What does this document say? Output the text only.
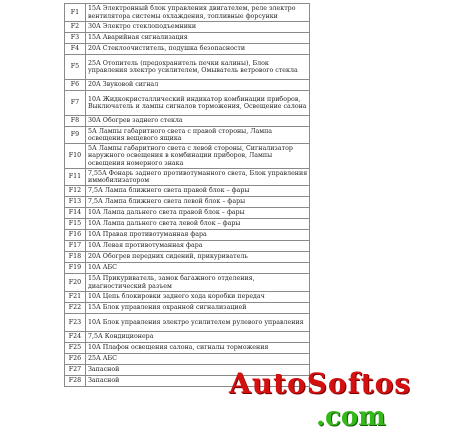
F1	15А Электронный блок управления двигателем, реле электро вентилятора системы охлаждения, топливные форсунки
F2	30А Электро стеклоподъемники
F3	15А Аварийная сигнализация
F4	20А Стеклоочиститель, подушка безопасности
F5	25А Отопитель (предохранитель печки калины), Блок управления электро усилителем, Омыватель ветрового стекла
F6	20А Звуковой сигнал
F7	10А Жидкокристаллический индикатор комбинации приборов, Выключатель и лампы сигналов торможения, Освещение салона
F8	30А Обогрев заднего стекла
F9	5А Лампы габаритного света с правой стороны, Лампа освещения вещевого ящика
F10	5А Лампы габаритного света с левой стороны, Сигнализатор наружного освещения в комбинации приборов, Лампы освещения номерного знака
F11	7,55А Фонарь заднего противотуманного света, Блок управления иммобилизатором
F12	7,5А Лампа ближнего света правой блок – фары
F13	7,5А Лампа ближнего света левой блок – фары
F14	10А Лампа дальнего света правой блок – фары
F15	10А Лампа дальнего света левой блок – фары
F16	10А Правая противотуманная фара
F17	10А Левая противотуманная фара
F18	20А Обогрев передних сидений, прикуриватель
F19	10А АБС
F20	15А Прикуриватель, замок багажного отделения, диагностический разъем
F21	10А Цепь блокировки заднего хода коробки передач
F22	15А Блок управления охранной сигнализацией
F23	10А Блок управления электро усилителем рулевого управления
F24	7,5А Кондиционера
F25	10А Плафон освещения салона, сигналы торможения
F26	25А АБС
F27	Запасной
F28	Запасной	AutoSoftos
.com
